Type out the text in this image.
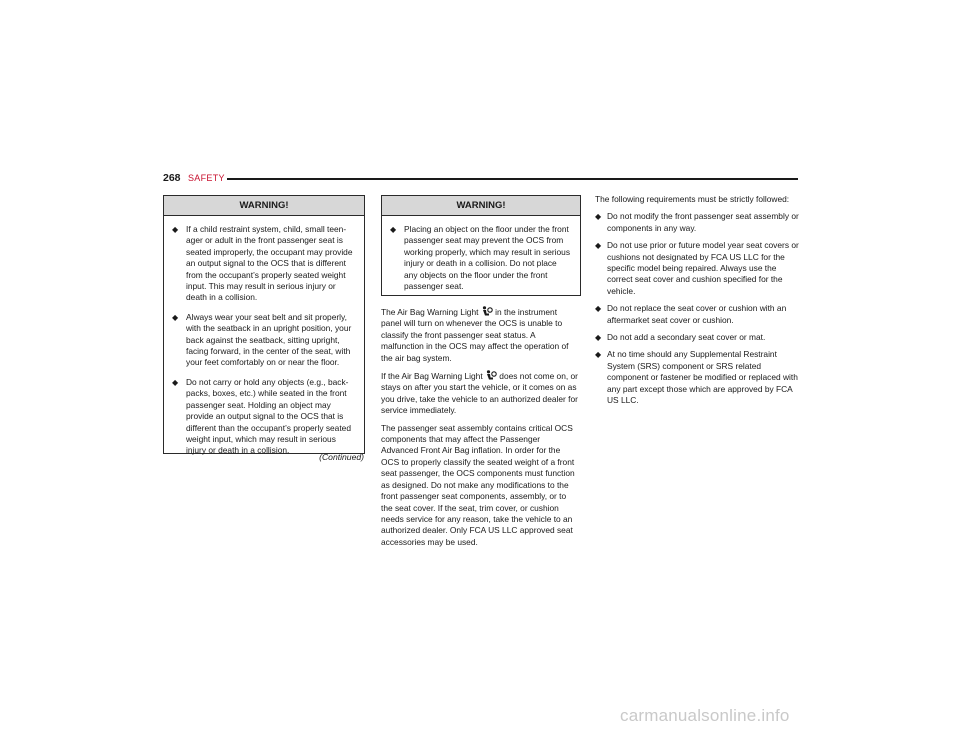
268 SAFETY
WARNING!
◆ If a child restraint system, child, small teen-ager or adult in the front passenger seat is seated improperly, the occupant may provide an output signal to the OCS that is different from the occupant’s properly seated weight input. This may result in serious injury or death in a collision.
◆ Always wear your seat belt and sit properly, with the seatback in an upright position, your back against the seatback, sitting upright, facing forward, in the center of the seat, with your feet comfortably on or near the floor.
◆ Do not carry or hold any objects (e.g., back-packs, boxes, etc.) while seated in the front passenger seat. Holding an object may provide an output signal to the OCS that is different than the occupant’s properly seated weight input, which may result in serious injury or death in a collision.
(Continued)
WARNING!
◆ Placing an object on the floor under the front passenger seat may prevent the OCS from working properly, which may result in serious injury or death in a collision. Do not place any objects on the floor under the front passenger seat.

The Air Bag Warning Light in the instrument panel will turn on whenever the OCS is unable to classify the front passenger seat status. A malfunction in the OCS may affect the operation of the air bag system.

If the Air Bag Warning Light does not come on, or stays on after you start the vehicle, or it comes on as you drive, take the vehicle to an authorized dealer for service immediately.

The passenger seat assembly contains critical OCS components that may affect the Passenger Advanced Front Air Bag inflation. In order for the OCS to properly classify the seated weight of a front seat passenger, the OCS components must function as designed. Do not make any modifications to the front passenger seat components, assembly, or to the seat cover. If the seat, trim cover, or cushion needs service for any reason, take the vehicle to an authorized dealer. Only FCA US LLC approved seat accessories may be used.

The following requirements must be strictly followed:

◆ Do not modify the front passenger seat assembly or components in any way.
◆ Do not use prior or future model year seat covers or cushions not designated by FCA US LLC for the specific model being repaired. Always use the correct seat cover and cushion specified for the vehicle.
◆ Do not replace the seat cover or cushion with an aftermarket seat cover or cushion.
◆ Do not add a secondary seat cover or mat.
◆ At no time should any Supplemental Restraint System (SRS) component or SRS related component or fastener be modified or replaced with any part except those which are approved by FCA US LLC.
carmanualsonline.info
